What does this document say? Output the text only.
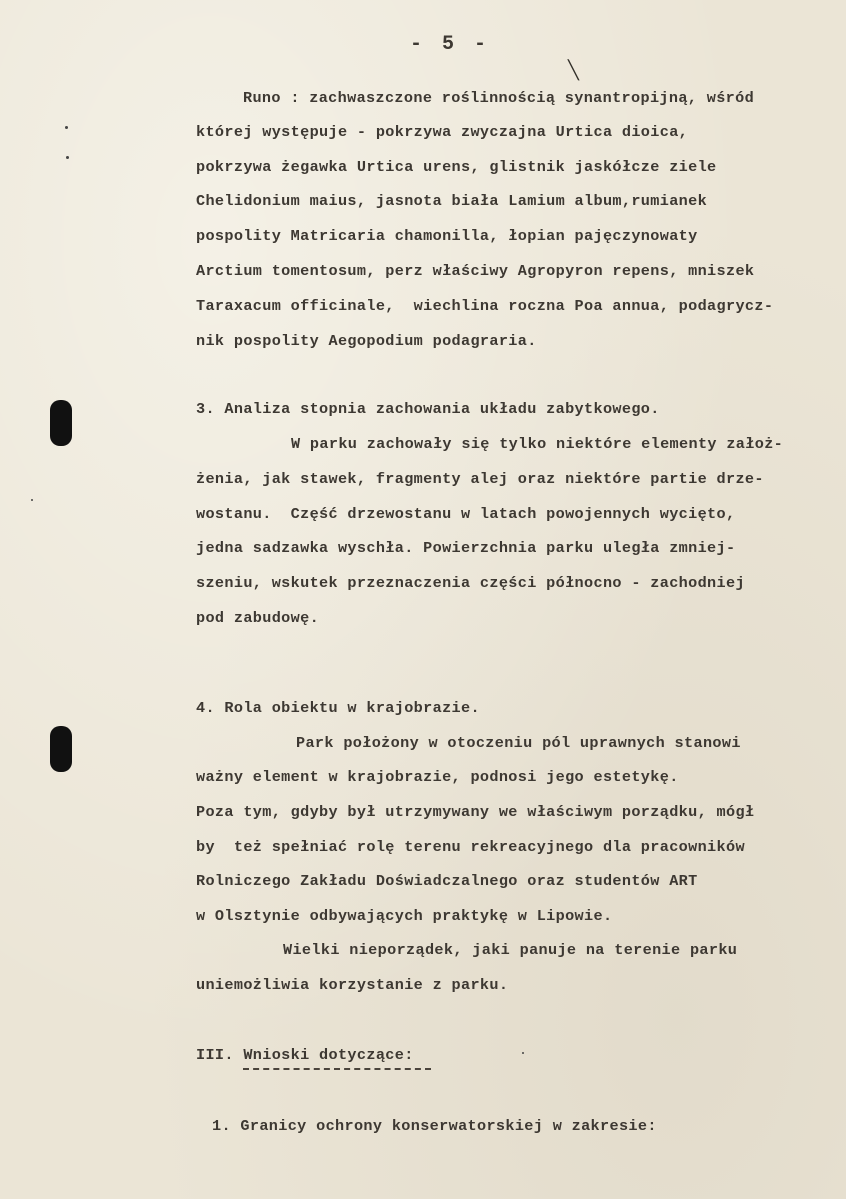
╲
- 5 -
Runo : zachwaszczone roślinnością synantropijną, wśród
której występuje - pokrzywa zwyczajna Urtica dioica,
pokrzywa żegawka Urtica urens, glistnik jaskółcze ziele
Chelidonium maius, jasnota biała Lamium album,rumianek
pospolity Matricaria chamonilla, łopian pajęczynowaty
Arctium tomentosum, perz właściwy Agropyron repens, mniszek
Taraxacum officinale,  wiechlina roczna Poa annua, podagrycz-
nik pospolity Aegopodium podagraria.
3. Analiza stopnia zachowania układu zabytkowego.
W parku zachowały się tylko niektóre elementy założ-
żenia, jak stawek, fragmenty alej oraz niektóre partie drze-
wostanu.  Część drzewostanu w latach powojennych wycięto,
jedna sadzawka wyschła. Powierzchnia parku uległa zmniej-
szeniu, wskutek przeznaczenia części północno - zachodniej
pod zabudowę.
4. Rola obiektu w krajobrazie.
Park położony w otoczeniu pól uprawnych stanowi
ważny element w krajobrazie, podnosi jego estetykę.
Poza tym, gdyby był utrzymywany we właściwym porządku, mógł
by  też spełniać rolę terenu rekreacyjnego dla pracowników
Rolniczego Zakładu Doświadczalnego oraz studentów ART
w Olsztynie odbywających praktykę w Lipowie.
Wielki nieporządek, jaki panuje na terenie parku
uniemożliwia korzystanie z parku.
III. Wnioski dotyczące:
1. Granicy ochrony konserwatorskiej w zakresie:
